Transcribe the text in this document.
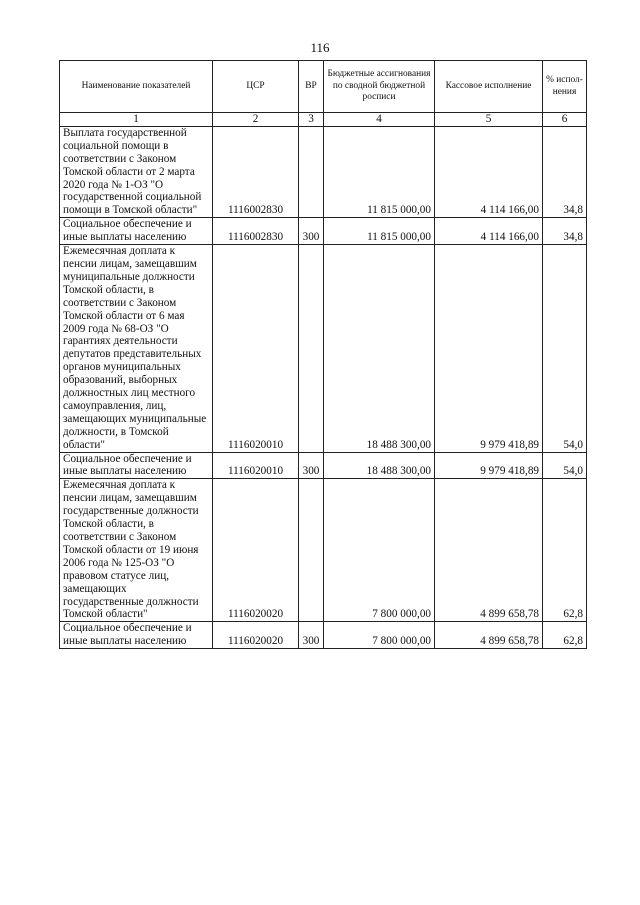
116
Наименование показателей	ЦСР	ВР	Бюджетные ассигнования по сводной бюджетной росписи	Кассовое исполнение	% испол-нения
1	2	3	4	5	6
Выплата государственной социальной помощи в соответствии с Законом Томской области от 2 марта 2020 года № 1-ОЗ "О государственной социальной помощи в Томской области"	1116002830		11 815 000,00	4 114 166,00	34,8
Социальное обеспечение и иные выплаты населению	1116002830	300	11 815 000,00	4 114 166,00	34,8
Ежемесячная доплата к пенсии лицам, замещавшим муниципальные должности Томской области, в соответствии с Законом Томской области от 6 мая 2009 года № 68-ОЗ "О гарантиях деятельности депутатов представительных органов муниципальных образований, выборных должностных лиц местного самоуправления, лиц, замещающих муниципальные должности, в Томской области"	1116020010		18 488 300,00	9 979 418,89	54,0
Социальное обеспечение и иные выплаты населению	1116020010	300	18 488 300,00	9 979 418,89	54,0
Ежемесячная доплата к пенсии лицам, замещавшим государственные должности Томской области, в соответствии с Законом Томской области от 19 июня 2006 года № 125-ОЗ "О правовом статусе лиц, замещающих государственные должности Томской области"	1116020020		7 800 000,00	4 899 658,78	62,8
Социальное обеспечение и иные выплаты населению	1116020020	300	7 800 000,00	4 899 658,78	62,8
